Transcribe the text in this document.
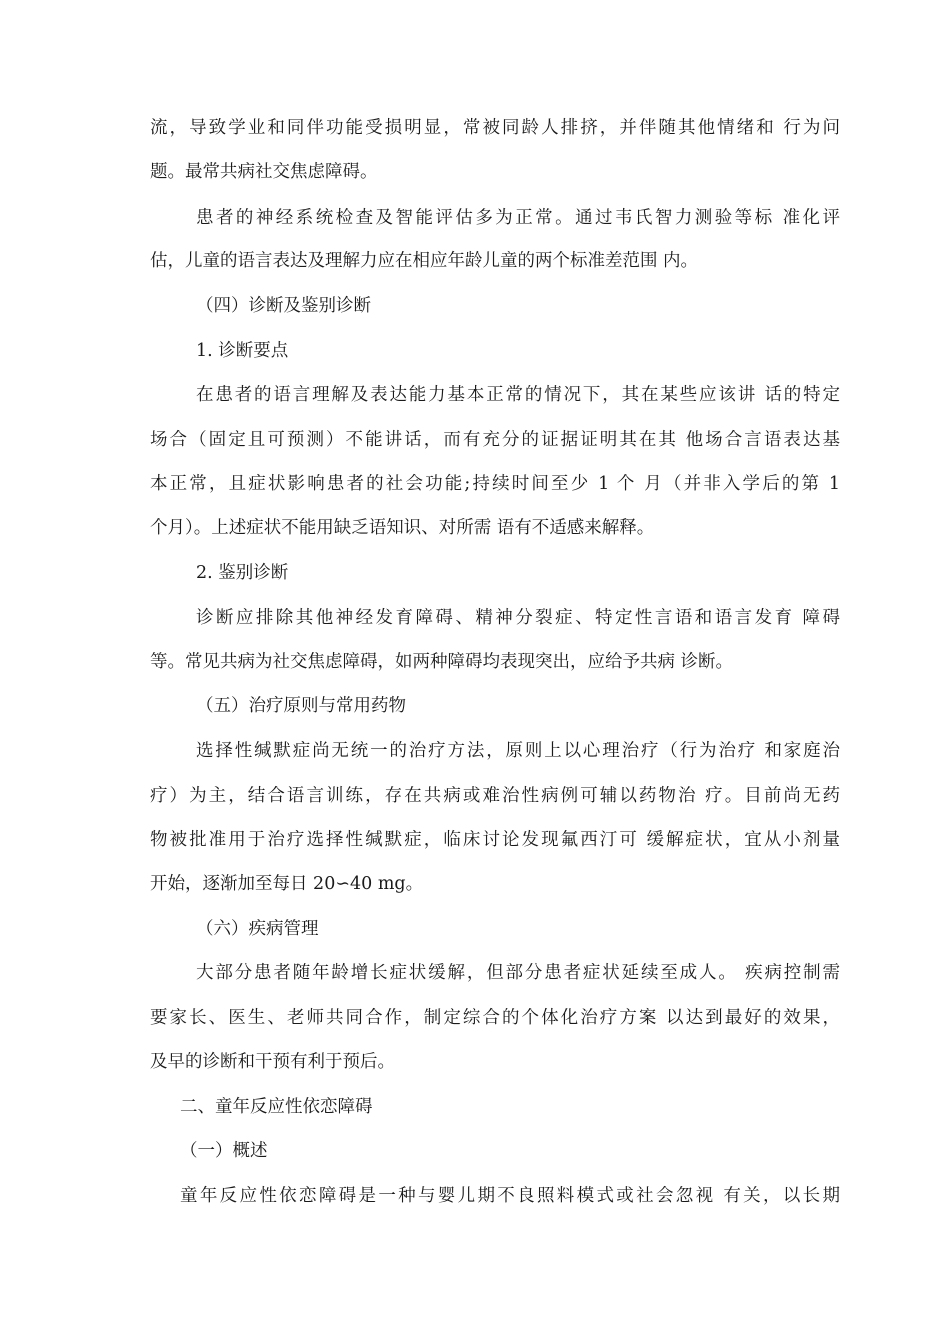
流，导致学业和同伴功能受损明显，常被同龄人排挤，并伴随其他情绪和 行为问

题。最常共病社交焦虑障碍。

患者的神经系统检查及智能评估多为正常。通过韦氏智力测验等标 准化评

估，儿童的语言表达及理解力应在相应年龄儿童的两个标准差范围 内。

（四）诊断及鉴别诊断

1. 诊断要点

在患者的语言理解及表达能力基本正常的情况下，其在某些应该讲 话的特定

场合（固定且可预测）不能讲话，而有充分的证据证明其在其 他场合言语表达基

本正常，且症状影响患者的社会功能;持续时间至少 1 个 月（并非入学后的第 1

个月）。上述症状不能用缺乏语知识、对所需 语有不适感来解释。

2. 鉴别诊断

诊断应排除其他神经发育障碍、精神分裂症、特定性言语和语言发育 障碍

等。常见共病为社交焦虑障碍，如两种障碍均表现突出，应给予共病 诊断。

（五）治疗原则与常用药物

选择性缄默症尚无统一的治疗方法，原则上以心理治疗（行为治疗 和家庭治

疗）为主，结合语言训练，存在共病或难治性病例可辅以药物治 疗。目前尚无药

物被批准用于治疗选择性缄默症，临床讨论发现氟西汀可 缓解症状，宜从小剂量

开始，逐渐加至每日 20∽40 mg。

（六）疾病管理

大部分患者随年龄增长症状缓解，但部分患者症状延续至成人。 疾病控制需

要家长、医生、老师共同合作，制定综合的个体化治疗方案 以达到最好的效果，

及早的诊断和干预有利于预后。

二、童年反应性依恋障碍

（一）概述

童年反应性依恋障碍是一种与婴儿期不良照料模式或社会忽视 有关，以长期
